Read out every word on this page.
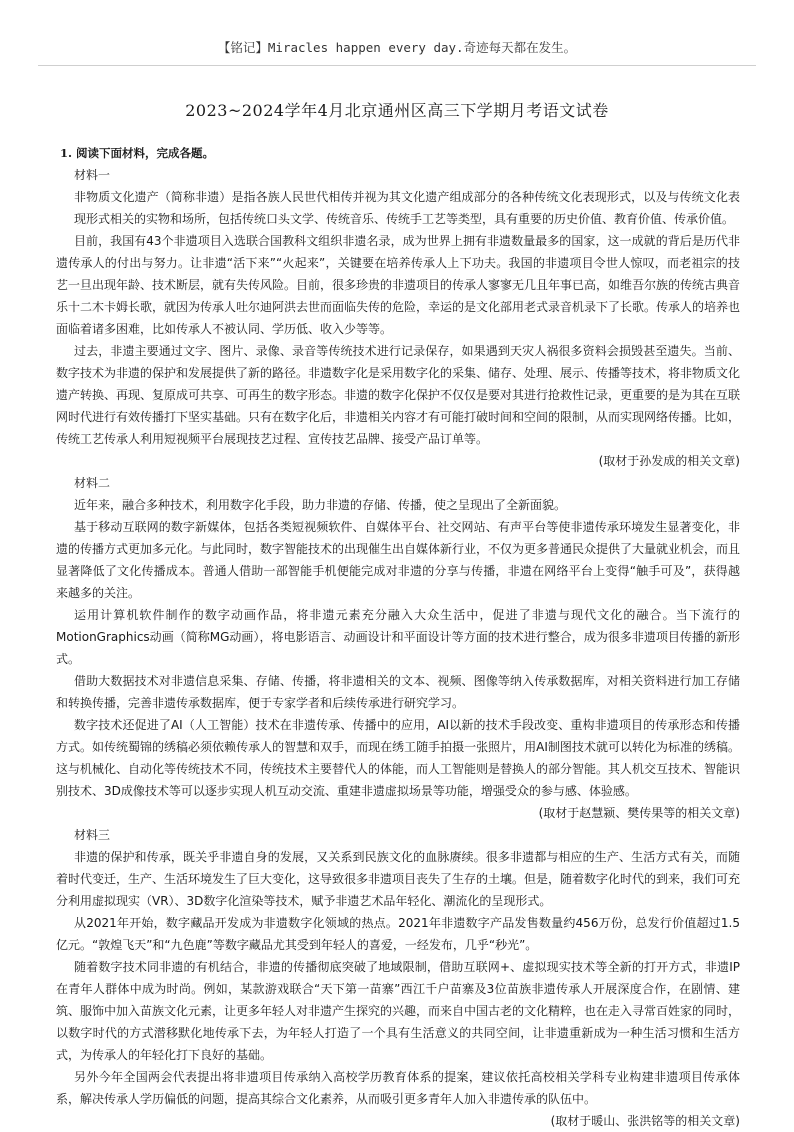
【铭记】Miracles happen every day.奇迹每天都在发生。
2023~2024学年4月北京通州区高三下学期月考语文试卷

1. 阅读下面材料，完成各题。

材料一

非物质文化遗产（简称非遗）是指各族人民世代相传并视为其文化遗产组成部分的各种传统文化表现形式，以及与传统文化表现形式相关的实物和场所，包括传统口头文学、传统音乐、传统手工艺等类型，具有重要的历史价值、教育价值、传承价值。

目前，我国有43个非遗项目入选联合国教科文组织非遗名录，成为世界上拥有非遗数量最多的国家，这一成就的背后是历代非遗传承人的付出与努力。让非遗“活下来”“火起来”，关键要在培养传承人上下功夫。我国的非遗项目令世人惊叹，而老祖宗的技艺一旦出现年龄、技术断层，就有失传风险。目前，很多珍贵的非遗项目的传承人寥寥无几且年事已高，如维吾尔族的传统古典音乐十二木卡姆长歌，就因为传承人吐尔迪阿洪去世而面临失传的危险，幸运的是文化部用老式录音机录下了长歌。传承人的培养也面临着诸多困难，比如传承人不被认同、学历低、收入少等等。

过去，非遗主要通过文字、图片、录像、录音等传统技术进行记录保存，如果遇到天灾人祸很多资料会损毁甚至遗失。当前、数字技术为非遗的保护和发展提供了新的路径。非遗数字化是采用数字化的采集、储存、处理、展示、传播等技术，将非物质文化遗产转换、再现、复原成可共享、可再生的数字形态。非遗的数字化保护不仅仅是要对其进行抢救性记录，更重要的是为其在互联网时代进行有效传播打下坚实基础。只有在数字化后，非遗相关内容才有可能打破时间和空间的限制，从而实现网络传播。比如，传统工艺传承人利用短视频平台展现技艺过程、宣传技艺品牌、接受产品订单等。

(取材于孙发成的相关文章)

材料二

近年来，融合多种技术，利用数字化手段，助力非遗的存储、传播，使之呈现出了全新面貌。

基于移动互联网的数字新媒体，包括各类短视频软件、自媒体平台、社交网站、有声平台等使非遗传承环境发生显著变化，非遗的传播方式更加多元化。与此同时，数字智能技术的出现催生出自媒体新行业，不仅为更多普通民众提供了大量就业机会，而且显著降低了文化传播成本。普通人借助一部智能手机便能完成对非遗的分享与传播，非遗在网络平台上变得“触手可及”，获得越来越多的关注。

运用计算机软件制作的数字动画作品，将非遗元素充分融入大众生活中，促进了非遗与现代文化的融合。当下流行的MotionGraphics动画（简称MG动画），将电影语言、动画设计和平面设计等方面的技术进行整合，成为很多非遗项目传播的新形式。

借助大数据技术对非遗信息采集、存储、传播，将非遗相关的文本、视频、图像等纳入传承数据库，对相关资料进行加工存储和转换传播，完善非遗传承数据库，便于专家学者和后续传承进行研究学习。

数字技术还促进了AI（人工智能）技术在非遗传承、传播中的应用，AI以新的技术手段改变、重构非遗项目的传承形态和传播方式。如传统蜀锦的绣稿必须依赖传承人的智慧和双手，而现在绣工随手拍摄一张照片，用AI制图技术就可以转化为标准的绣稿。这与机械化、自动化等传统技术不同，传统技术主要替代人的体能，而人工智能则是替换人的部分智能。其人机交互技术、智能识别技术、3D成像技术等可以逐步实现人机互动交流、重建非遗虚拟场景等功能，增强受众的参与感、体验感。

(取材于赵慧颍、樊传果等的相关文章)

材料三

非遗的保护和传承，既关乎非遗自身的发展，又关系到民族文化的血脉赓续。很多非遗都与相应的生产、生活方式有关，而随着时代变迁，生产、生活环境发生了巨大变化，这导致很多非遗项目丧失了生存的土壤。但是，随着数字化时代的到来，我们可充分利用虚拟现实（VR）、3D数字化渲染等技术，赋予非遗艺术品年轻化、潮流化的呈现形式。

从2021年开始，数字藏品开发成为非遗数字化领域的热点。2021年非遗数字产品发售数量约456万份，总发行价值超过1.5亿元。“敦煌飞天”和“九色鹿”等数字藏品尤其受到年轻人的喜爱，一经发布，几乎“秒光”。

随着数字技术同非遗的有机结合，非遗的传播彻底突破了地域限制，借助互联网+、虚拟现实技术等全新的打开方式，非遗IP在青年人群体中成为时尚。例如，某款游戏联合“天下第一苗寨”西江千户苗寨及3位苗族非遗传承人开展深度合作，在剧情、建筑、服饰中加入苗族文化元素，让更多年轻人对非遗产生探究的兴趣，而来自中国古老的文化精粹，也在走入寻常百姓家的同时，以数字时代的方式潜移默化地传承下去，为年轻人打造了一个具有生活意义的共同空间，让非遗重新成为一种生活习惯和生活方式，为传承人的年轻化打下良好的基础。

另外今年全国两会代表提出将非遗项目传承纳入高校学历教育体系的提案，建议依托高校相关学科专业构建非遗项目传承体系，解决传承人学历偏低的问题，提高其综合文化素养，从而吸引更多青年人加入非遗传承的队伍中。

(取材于暖山、张洪铭等的相关文章)
